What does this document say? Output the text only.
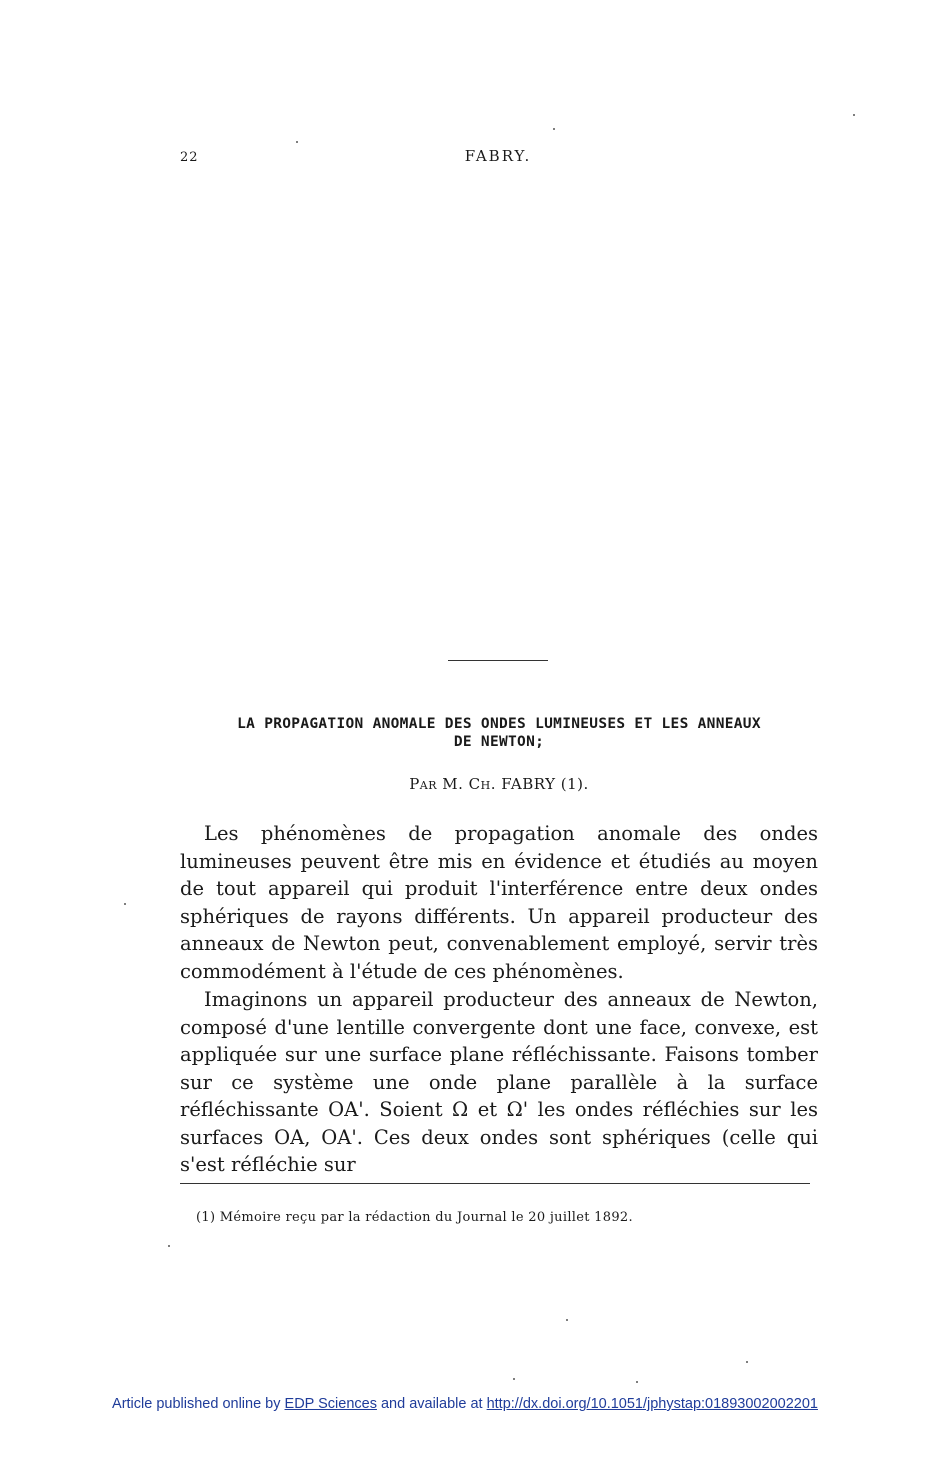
22	FABRY.
LA PROPAGATION ANOMALE DES ONDES LUMINEUSES ET LES ANNEAUX
DE NEWTON;
Par M. Ch. FABRY (1).

Les phénomènes de propagation anomale des ondes lumineuses peuvent être mis en évidence et étudiés au moyen de tout appareil qui produit l'interférence entre deux ondes sphériques de rayons différents. Un appareil producteur des anneaux de Newton peut, convenablement employé, servir très commodément à l'étude de ces phénomènes.

Imaginons un appareil producteur des anneaux de Newton, composé d'une lentille convergente dont une face, convexe, est appliquée sur une surface plane réfléchissante. Faisons tomber sur ce système une onde plane parallèle à la surface réfléchissante OA'. Soient Ω et Ω' les ondes réfléchies sur les surfaces OA, OA'. Ces deux ondes sont sphériques (celle qui s'est réfléchie sur

(1) Mémoire reçu par la rédaction du Journal le 20 juillet 1892.
Article published online by EDP Sciences and available at http://dx.doi.org/10.1051/jphystap:01893002002201
